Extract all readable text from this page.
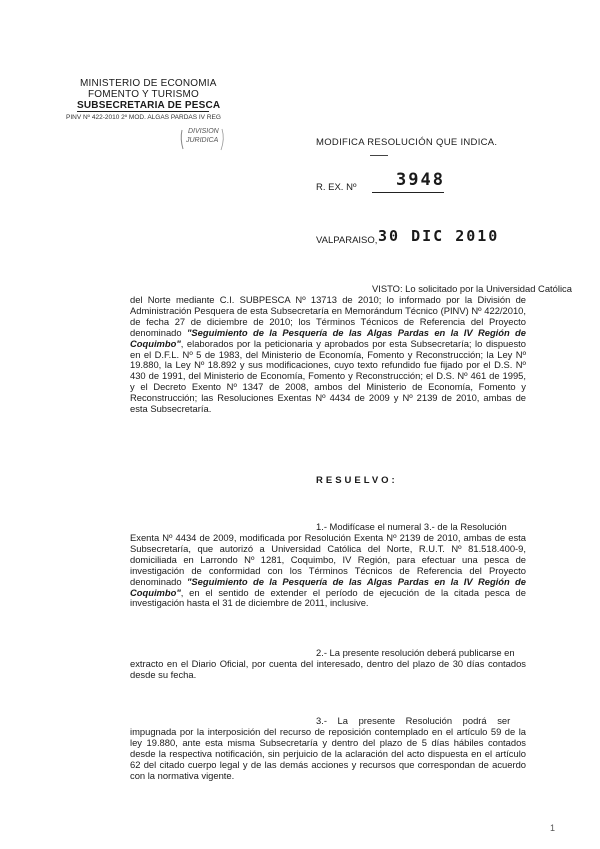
MINISTERIO DE ECONOMIA
FOMENTO Y TURISMO
SUBSECRETARIA DE PESCA
PINV Nº 422-2010 2º MOD. ALGAS PARDAS IV REG
DIVISION
JURIDICA	MODIFICA RESOLUCIÓN QUE INDICA.
R. EX. Nº 3948
VALPARAISO, 30 DIC 2010
VISTO: Lo solicitado por la Universidad Católica
del Norte mediante C.I. SUBPESCA Nº 13713 de 2010; lo informado por la División de Administración Pesquera de esta Subsecretaría en Memorándum Técnico (PINV) Nº 422/2010, de fecha 27 de diciembre de 2010; los Términos Técnicos de Referencia del Proyecto denominado "Seguimiento de la Pesquería de las Algas Pardas en la IV Región de Coquimbo", elaborados por la peticionaria y aprobados por esta Subsecretaría; lo dispuesto en el D.F.L. Nº 5 de 1983, del Ministerio de Economía, Fomento y Reconstrucción; la Ley Nº 19.880, la Ley Nº 18.892 y sus modificaciones, cuyo texto refundido fue fijado por el D.S. Nº 430 de 1991, del Ministerio de Economía, Fomento y Reconstrucción; el D.S. Nº 461 de 1995, y el Decreto Exento Nº 1347 de 2008, ambos del Ministerio de Economía, Fomento y Reconstrucción; las Resoluciones Exentas Nº 4434 de 2009 y Nº 2139 de 2010, ambas de esta Subsecretaría.
RESUELVO:
1.- Modifícase el numeral 3.- de la Resolución
Exenta Nº 4434 de 2009, modificada por Resolución Exenta Nº 2139 de 2010, ambas de esta Subsecretaría, que autorizó a Universidad Católica del Norte, R.U.T. Nº 81.518.400-9, domiciliada en Larrondo Nº 1281, Coquimbo, IV Región, para efectuar una pesca de investigación de conformidad con los Términos Técnicos de Referencia del Proyecto denominado "Seguimiento de la Pesquería de las Algas Pardas en la IV Región de Coquimbo", en el sentido de extender el período de ejecución de la citada pesca de investigación hasta el 31 de diciembre de 2011, inclusive.
2.- La presente resolución deberá publicarse en
extracto en el Diario Oficial, por cuenta del interesado, dentro del plazo de 30 días contados desde su fecha.
3.- La presente Resolución podrá ser
impugnada por la interposición del recurso de reposición contemplado en el artículo 59 de la ley 19.880, ante esta misma Subsecretaría y dentro del plazo de 5 días hábiles contados desde la respectiva notificación, sin perjuicio de la aclaración del acto dispuesta en el artículo 62 del citado cuerpo legal y de las demás acciones y recursos que correspondan de acuerdo con la normativa vigente.
1
